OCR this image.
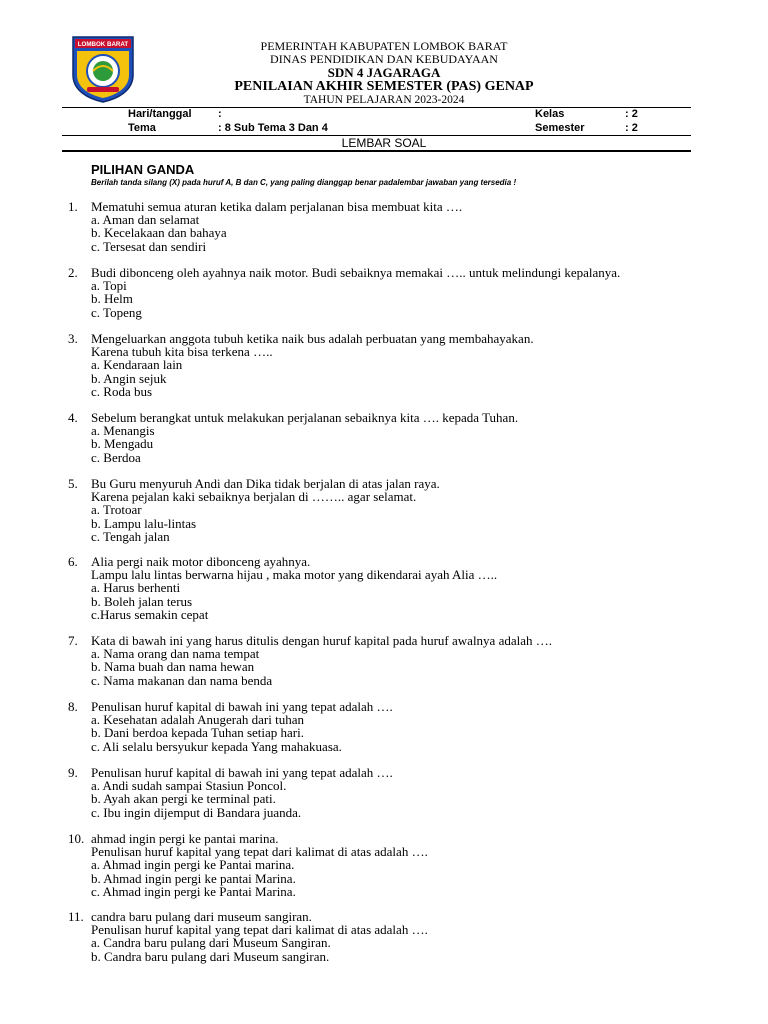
LOMBOK BARAT	PEMERINTAH KABUPATEN LOMBOK BARAT
DINAS PENDIDIKAN DAN KEBUDAYAAN
SDN 4 JAGARAGA
PENILAIAN AKHIR SEMESTER (PAS) GENAP
TAHUN PELAJARAN 2023-2024
Hari/tanggal :	Kelas	: 2
Tema	: 8 Sub Tema 3 Dan 4	Semester	: 2
LEMBAR SOAL
PILIHAN GANDA
Berilah tanda silang (X) pada huruf A, B dan C, yang paling dianggap benar padalembar jawaban yang tersedia !
1. Mematuhi semua aturan ketika dalam perjalanan bisa membuat kita ….
a. Aman dan selamat
b. Kecelakaan dan bahaya
c. Tersesat dan sendiri
2. Budi dibonceng oleh ayahnya naik motor. Budi sebaiknya memakai ….. untuk melindungi kepalanya.
a. Topi
b. Helm
c. Topeng
3. Mengeluarkan anggota tubuh ketika naik bus adalah perbuatan yang membahayakan.
Karena tubuh kita bisa terkena …..
a. Kendaraan lain
b. Angin sejuk
c. Roda bus
4. Sebelum berangkat untuk melakukan perjalanan sebaiknya kita …. kepada Tuhan.
a. Menangis
b. Mengadu
c. Berdoa
5. Bu Guru menyuruh Andi dan Dika tidak berjalan di atas jalan raya.
Karena pejalan kaki sebaiknya berjalan di …….. agar selamat.
a. Trotoar
b. Lampu lalu-lintas
c. Tengah jalan
6. Alia pergi naik motor dibonceng ayahnya.
Lampu lalu lintas berwarna hijau , maka motor yang dikendarai ayah Alia …..
a. Harus berhenti
b. Boleh jalan terus
c.Harus semakin cepat
7. Kata di bawah ini yang harus ditulis dengan huruf kapital pada huruf awalnya adalah ….
a. Nama orang dan nama tempat
b. Nama buah dan nama hewan
c. Nama makanan dan nama benda
8. Penulisan huruf kapital di bawah ini yang tepat adalah ….
a. Kesehatan adalah Anugerah dari tuhan
b. Dani berdoa kepada Tuhan setiap hari.
c. Ali selalu bersyukur kepada Yang mahakuasa.
9. Penulisan huruf kapital di bawah ini yang tepat adalah ….
a. Andi sudah sampai Stasiun Poncol.
b. Ayah akan pergi ke terminal pati.
c. Ibu ingin dijemput di Bandara juanda.
10. ahmad ingin pergi ke pantai marina.
Penulisan huruf kapital yang tepat dari kalimat di atas adalah ….
a. Ahmad ingin pergi ke Pantai marina.
b. Ahmad ingin pergi ke pantai Marina.
c. Ahmad ingin pergi ke Pantai Marina.
11. candra baru pulang dari museum sangiran.
Penulisan huruf kapital yang tepat dari kalimat di atas adalah ….
a. Candra baru pulang dari Museum Sangiran.
b. Candra baru pulang dari Museum sangiran.
